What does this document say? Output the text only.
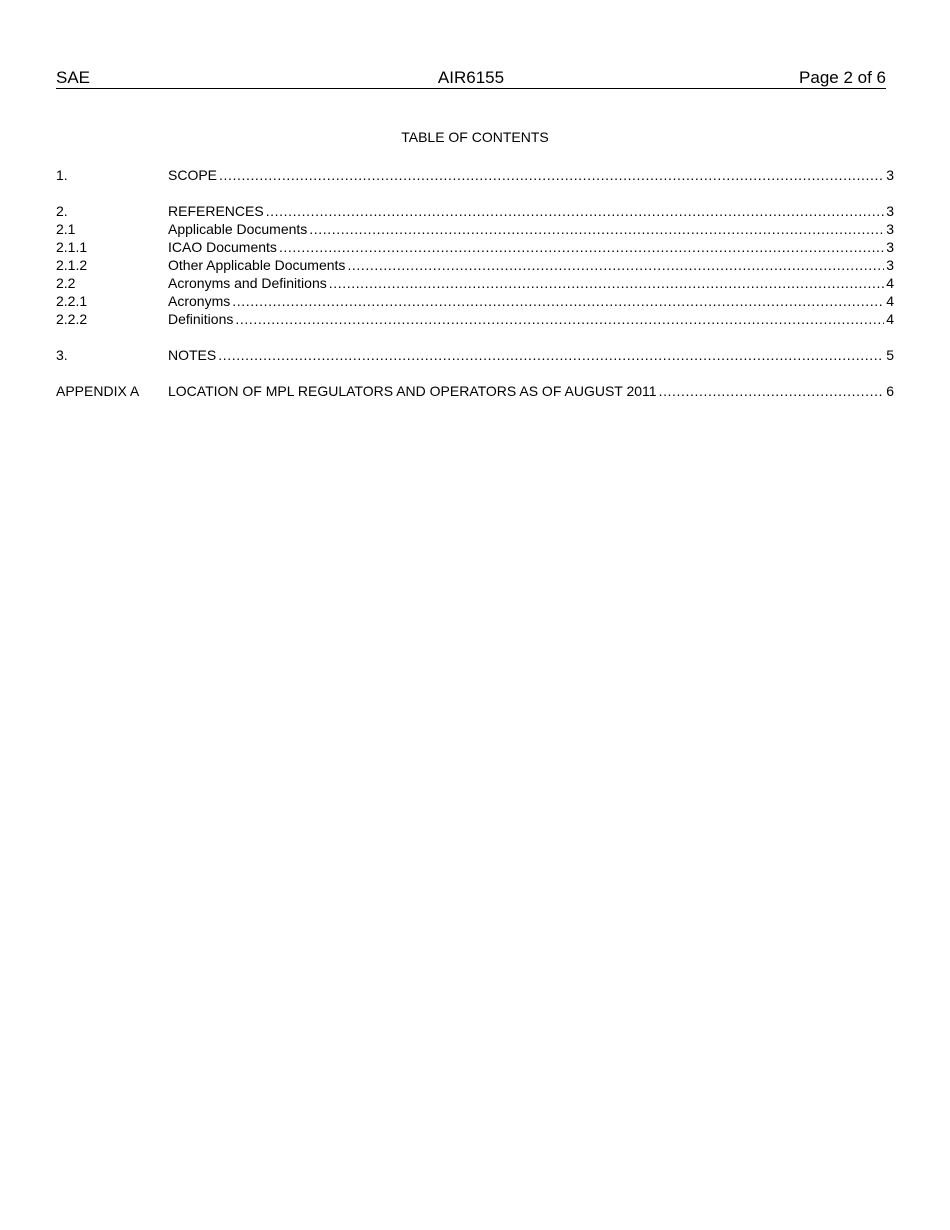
SAE	AIR6155	Page 2 of 6
TABLE OF CONTENTS
1.	SCOPE .....	3
2.	REFERENCES .....	3
2.1	Applicable Documents .....	3
2.1.1	ICAO Documents .....	3
2.1.2	Other Applicable Documents .....	3
2.2	Acronyms and Definitions .....	4
2.2.1	Acronyms .....	4
2.2.2	Definitions .....	4
3.	NOTES .....	5
APPENDIX A	LOCATION OF MPL REGULATORS AND OPERATORS AS OF AUGUST 2011 .....	6
